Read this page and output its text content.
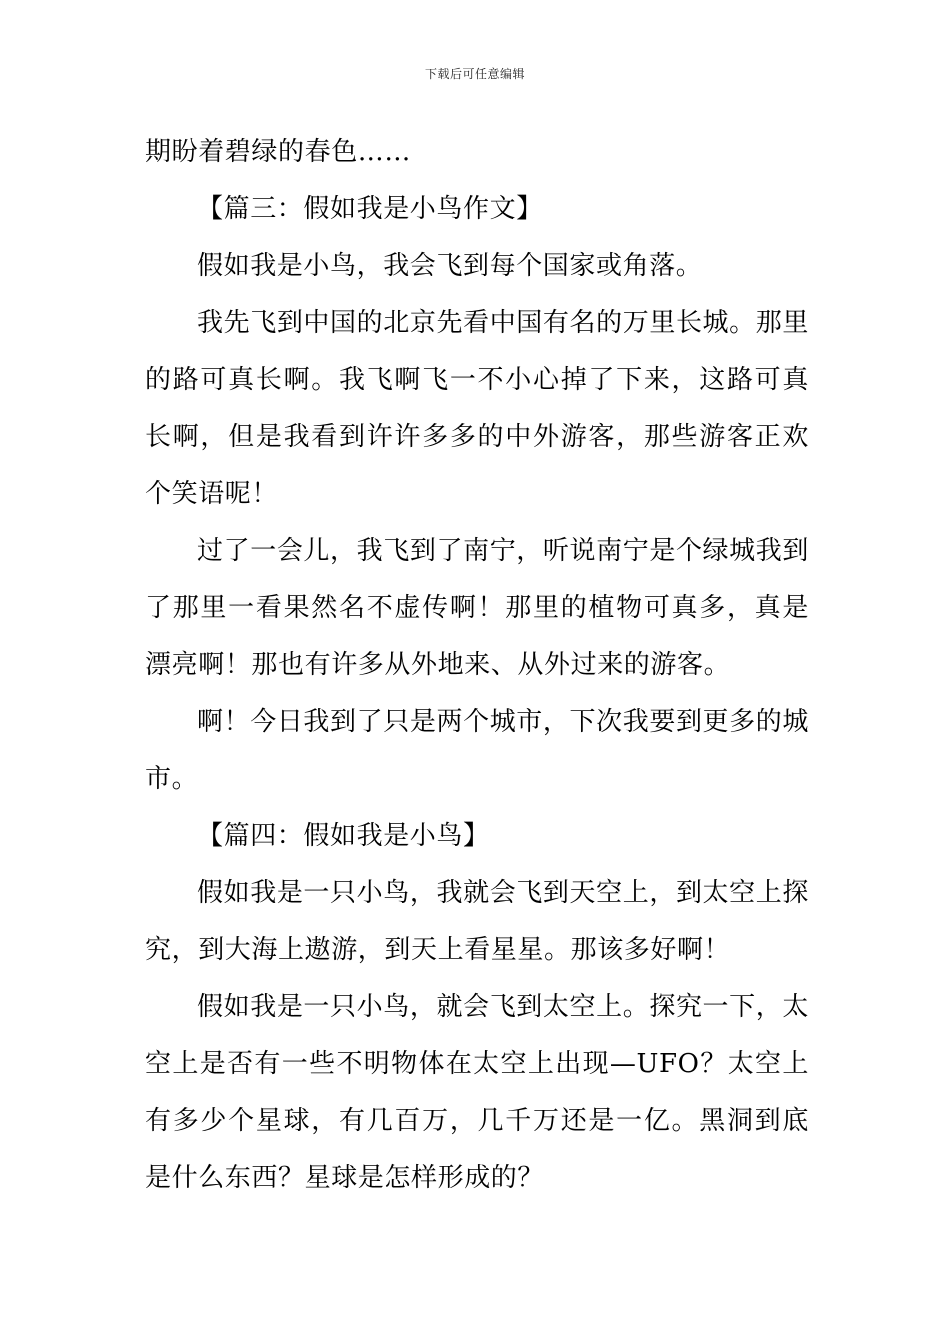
下载后可任意编辑

期盼着碧绿的春色……

【篇三：假如我是小鸟作文】

假如我是小鸟，我会飞到每个国家或角落。

我先飞到中国的北京先看中国有名的万里长城。那里的路可真长啊。我飞啊飞一不小心掉了下来，这路可真长啊，但是我看到许许多多的中外游客，那些游客正欢个笑语呢！

过了一会儿，我飞到了南宁，听说南宁是个绿城我到了那里一看果然名不虚传啊！那里的植物可真多，真是漂亮啊！那也有许多从外地来、从外过来的游客。

啊！今日我到了只是两个城市，下次我要到更多的城市。

【篇四：假如我是小鸟】

假如我是一只小鸟，我就会飞到天空上，到太空上探究，到大海上遨游，到天上看星星。那该多好啊！

假如我是一只小鸟，就会飞到太空上。探究一下，太空上是否有一些不明物体在太空上出现—UFO？太空上有多少个星球，有几百万，几千万还是一亿。黑洞到底是什么东西？星球是怎样形成的？
